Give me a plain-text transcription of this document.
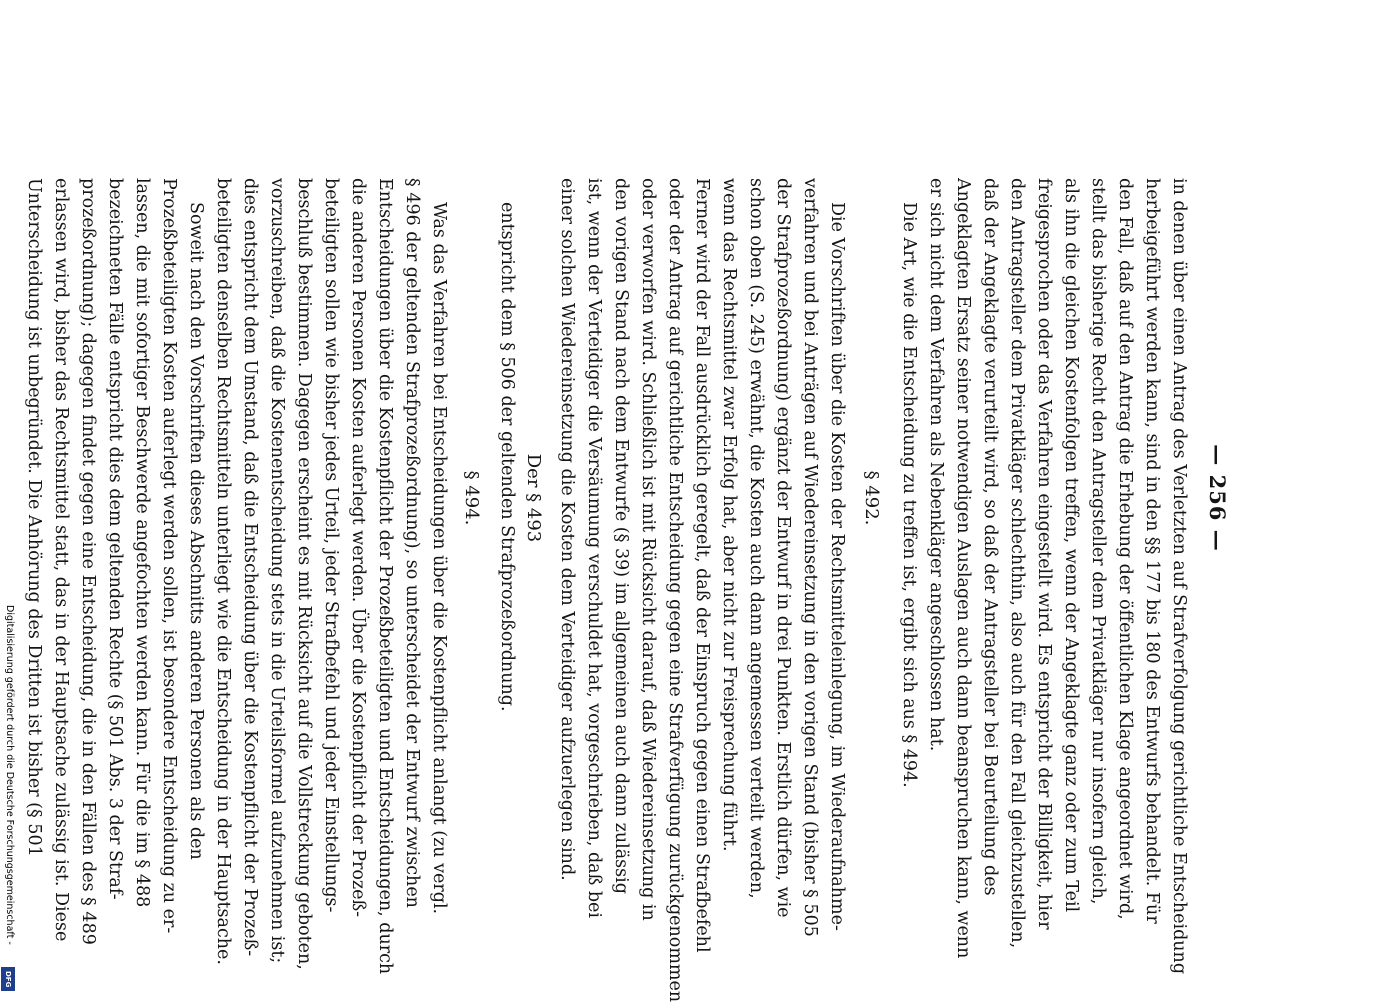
— 256 —
in denen über einen Antrag des Verletzten auf Strafverfolgung gerichtliche Entscheidung
herbeigeführt werden kann, sind in den §§ 177 bis 180 des Entwurfs behandelt. Für
den Fall, daß auf den Antrag die Erhebung der öffentlichen Klage angeordnet wird,
stellt das bisherige Recht den Antragsteller dem Privatkläger nur insofern gleich,
als ihn die gleichen Kostenfolgen treffen, wenn der Angeklagte ganz oder zum Teil
freigesprochen oder das Verfahren eingestellt wird. Es entspricht der Billigkeit, hier
den Antragsteller dem Privatkläger schlechthin, also auch für den Fall gleichzustellen,
daß der Angeklagte verurteilt wird, so daß der Antragsteller bei Beurteilung des
Angeklagten Ersatz seiner notwendigen Auslagen auch dann beanspruchen kann, wenn
er sich nicht dem Verfahren als Nebenkläger angeschlossen hat.
Die Art, wie die Entscheidung zu treffen ist, ergibt sich aus § 494.
§ 492.
Die Vorschriften über die Kosten der Rechtsmitteleinlegung, im Wiederaufnahme-
verfahren und bei Anträgen auf Wiedereinsetzung in den vorigen Stand (bisher § 505
der Strafprozeßordnung) ergänzt der Entwurf in drei Punkten. Erstlich dürfen, wie
schon oben (S. 245) erwähnt, die Kosten auch dann angemessen verteilt werden,
wenn das Rechtsmittel zwar Erfolg hat, aber nicht zur Freisprechung führt.
Ferner wird der Fall ausdrücklich geregelt, daß der Einspruch gegen einen Strafbefehl
oder der Antrag auf gerichtliche Entscheidung gegen eine Strafverfügung zurückgenommen
oder verworfen wird. Schließlich ist mit Rücksicht darauf, daß Wiedereinsetzung in
den vorigen Stand nach dem Entwurfe (§ 39) im allgemeinen auch dann zulässig
ist, wenn der Verteidiger die Versäumung verschuldet hat, vorgeschrieben, daß bei
einer solchen Wiedereinsetzung die Kosten dem Verteidiger aufzuerlegen sind.
Der § 493
entspricht dem § 506 der geltenden Strafprozeßordnung.
§ 494.
Was das Verfahren bei Entscheidungen über die Kostenpflicht anlangt (zu vergl.
§ 496 der geltenden Strafprozeßordnung), so unterscheidet der Entwurf zwischen
Entscheidungen über die Kostenpflicht der Prozeßbeteiligten und Entscheidungen, durch
die anderen Personen Kosten auferlegt werden. Über die Kostenpflicht der Prozeß-
beteiligten sollen wie bisher jedes Urteil, jeder Strafbefehl und jeder Einstellungs-
beschluß bestimmen. Dagegen erscheint es mit Rücksicht auf die Vollstreckung geboten,
vorzuschreiben, daß die Kostenentscheidung stets in die Urteilsformel aufzunehmen ist;
dies entspricht dem Umstand, daß die Entscheidung über die Kostenpflicht der Prozeß-
beteiligten denselben Rechtsmitteln unterliegt wie die Entscheidung in der Hauptsache.
Soweit nach den Vorschriften dieses Abschnitts anderen Personen als den
Prozeßbeteiligten Kosten auferlegt werden sollen, ist besondere Entscheidung zu er-
lassen, die mit sofortiger Beschwerde angefochten werden kann. Für die im § 488
bezeichneten Fälle entspricht dies dem geltenden Rechte (§ 501 Abs. 3 der Straf-
prozeßordnung); dagegen findet gegen eine Entscheidung, die in den Fällen des § 489
erlassen wird, bisher das Rechtsmittel statt, das in der Hauptsache zulässig ist. Diese
Unterscheidung ist unbegründet. Die Anhörung des Dritten ist bisher (§ 501
Digitalisierung gefördert durch die Deutsche Forschungsgemeinschaft -
DFG
